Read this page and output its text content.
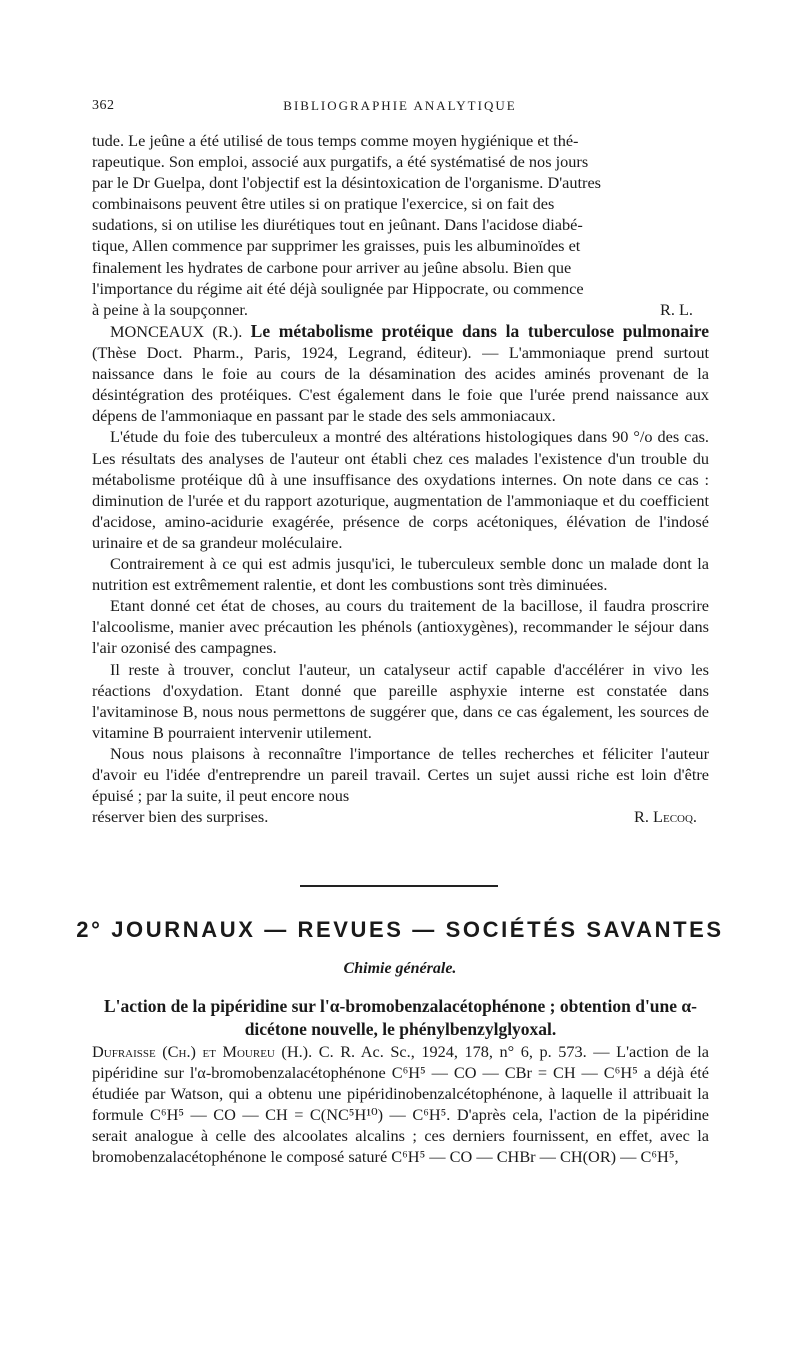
362	BIBLIOGRAPHIE ANALYTIQUE

tude. Le jeûne a été utilisé de tous temps comme moyen hygiénique et thé-

rapeutique. Son emploi, associé aux purgatifs, a été systématisé de nos jours

par le Dr Guelpa, dont l'objectif est la désintoxication de l'organisme. D'autres

combinaisons peuvent être utiles si on pratique l'exercice, si on fait des

sudations, si on utilise les diurétiques tout en jeûnant. Dans l'acidose diabé-

tique, Allen commence par supprimer les graisses, puis les albuminoïdes et

finalement les hydrates de carbone pour arriver au jeûne absolu. Bien que

l'importance du régime ait été déjà soulignée par Hippocrate, ou commence

à peine à la soupçonner.	R. L.

MONCEAUX (R.). Le métabolisme protéique dans la tuberculose pulmonaire (Thèse Doct. Pharm., Paris, 1924, Legrand, éditeur). — L'ammoniaque prend surtout naissance dans le foie au cours de la désamination des acides aminés provenant de la désintégration des protéiques. C'est également dans le foie que l'urée prend naissance aux dépens de l'ammoniaque en passant par le stade des sels ammoniacaux.

L'étude du foie des tuberculeux a montré des altérations histologiques dans 90 °/o des cas. Les résultats des analyses de l'auteur ont établi chez ces malades l'existence d'un trouble du métabolisme protéique dû à une insuffisance des oxydations internes. On note dans ce cas : diminution de l'urée et du rapport azoturique, augmentation de l'ammoniaque et du coefficient d'acidose, amino-acidurie exagérée, présence de corps acétoniques, élévation de l'indosé urinaire et de sa grandeur moléculaire.

Contrairement à ce qui est admis jusqu'ici, le tuberculeux semble donc un malade dont la nutrition est extrêmement ralentie, et dont les combustions sont très diminuées.

Etant donné cet état de choses, au cours du traitement de la bacillose, il faudra proscrire l'alcoolisme, manier avec précaution les phénols (antioxygènes), recommander le séjour dans l'air ozonisé des campagnes.

Il reste à trouver, conclut l'auteur, un catalyseur actif capable d'accélérer in vivo les réactions d'oxydation. Etant donné que pareille asphyxie interne est constatée dans l'avitaminose B, nous nous permettons de suggérer que, dans ce cas également, les sources de vitamine B pourraient intervenir utilement.

Nous nous plaisons à reconnaître l'importance de telles recherches et féliciter l'auteur d'avoir eu l'idée d'entreprendre un pareil travail. Certes un sujet aussi riche est loin d'être épuisé ; par la suite, il peut encore nous

réserver bien des surprises.	R. Lecoq.

2° JOURNAUX — REVUES — SOCIÉTÉS SAVANTES
Chimie générale.

L'action de la pipéridine sur l'α-bromobenzalacétophénone ; obtention d'une α-dicétone nouvelle, le phénylbenzylglyoxal.

Dufraisse (Ch.) et Moureu (H.). C. R. Ac. Sc., 1924, 178, n° 6, p. 573. — L'action de la pipéridine sur l'α-bromobenzalacétophénone C⁶H⁵ — CO — CBr = CH — C⁶H⁵ a déjà été étudiée par Watson, qui a obtenu une pipéridinobenzalcétophénone, à laquelle il attribuait la formule C⁶H⁵ — CO — CH = C(NC⁵H¹⁰) — C⁶H⁵. D'après cela, l'action de la pipéridine serait analogue à celle des alcoolates alcalins ; ces derniers fournissent, en effet, avec la bromobenzalacétophénone le composé saturé C⁶H⁵ — CO — CHBr — CH(OR) — C⁶H⁵,
